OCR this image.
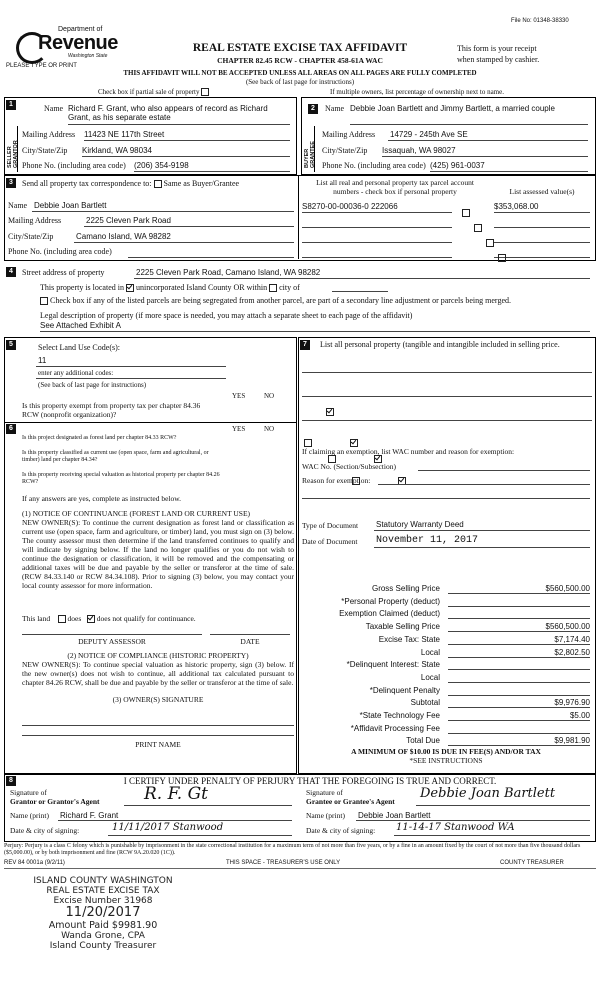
File No: 01348-38330
Department of
Revenue
Washington State
PLEASE TYPE OR PRINT
REAL ESTATE EXCISE TAX AFFIDAVIT
CHAPTER 82.45 RCW - CHAPTER 458-61A WAC
This form is your receipt
when stamped by cashier.
THIS AFFIDAVIT WILL NOT BE ACCEPTED UNLESS ALL AREAS ON ALL PAGES ARE FULLY COMPLETED
(See back of last page for instructions)
Check box if partial sale of property	If multiple owners, list percentage of ownership next to name.
SELLER GRANTOR	BUYER GRANTEE
1
2
Name Richard F. Grant, who also appears of record as Richard Grant, as his separate estate
Mailing Address 11423 NE 117th Street
City/State/Zip Kirkland, WA 98034
Phone No. (including area code) (206) 354-9198
Name Debbie Joan Bartlett and Jimmy Bartlett, a married couple
Mailing Address 14729 - 245th Ave SE
City/State/Zip Issaquah, WA 98027
Phone No. (including area code) (425) 961-0037
3	Send all property tax correspondence to: Same as Buyer/Grantee
Name Debbie Joan Bartlett
Mailing Address	2225 Cleven Park Road
City/State/Zip	Camano Island, WA 98282
Phone No. (including area code)
List all real and personal property tax parcel account
numbers - check box if personal property	List assessed value(s)
S8270-00-00036-0 222066	$353,068.00

4	Street address of property	2225 Cleven Park Road, Camano Island, WA 98282
This property is located in unincorporated Island County OR within city of
Check box if any of the listed parcels are being segregated from another parcel, are part of a secondary line adjustment or parcels being merged.
Legal description of property (if more space is needed, you may attach a separate sheet to each page of the affidavit)
See Attached Exhibit A
5	Select Land Use Code(s):
11
enter any additional codes:
(See back of last page for instructions)
YES	NO
Is this property exempt from property tax per chapter 84.36 RCW (nonprofit organization)?

6	YES	NO
Is this project designated as forest land per chapter 84.33 RCW?

Is this property classified as current use (open space, farm and agricultural, or timber) land per chapter 84.34?

Is this property receiving special valuation as historical property per chapter 84.26 RCW?

If any answers are yes, complete as instructed below.
(1) NOTICE OF CONTINUANCE (FOREST LAND OR CURRENT USE)
NEW OWNER(S): To continue the current designation as forest land or classification as current use (open space, farm and agriculture, or timber) land, you must sign on (3) below. The county assessor must then determine if the land transferred continues to qualify and will indicate by signing below. If the land no longer qualifies or you do not wish to continue the designation or classification, it will be removed and the compensating or additional taxes will be due and payable by the seller or transferor at the time of sale. (RCW 84.33.140 or RCW 84.34.108). Prior to signing (3) below, you may contact your local county assessor for more information.
This land does does not qualify for continuance.
DEPUTY ASSESSOR	DATE
(2) NOTICE OF COMPLIANCE (HISTORIC PROPERTY)
NEW OWNER(S): To continue special valuation as historic property, sign (3) below. If the new owner(s) does not wish to continue, all additional tax calculated pursuant to chapter 84.26 RCW, shall be due and payable by the seller or transferor at the time of sale.
(3) OWNER(S) SIGNATURE
PRINT NAME
7	List all personal property (tangible and intangible included in selling price.
If claiming an exemption, list WAC number and reason for exemption:
WAC No. (Section/Subsection)
Reason for exemption:
Type of Document Statutory Warranty Deed
Date of Document November 11, 2017
Gross Selling Price	$560,500.00
*Personal Property (deduct)
Exemption Claimed (deduct)
Taxable Selling Price	$560,500.00
Excise Tax: State	$7,174.40
Local	$2,802.50
*Delinquent Interest: State
Local
*Delinquent Penalty
Subtotal	$9,976.90
*State Technology Fee	$5.00
*Affidavit Processing Fee
Total Due	$9,981.90
A MINIMUM OF $10.00 IS DUE IN FEE(S) AND/OR TAX
*SEE INSTRUCTIONS
8	I CERTIFY UNDER PENALTY OF PERJURY THAT THE FOREGOING IS TRUE AND CORRECT.
Signature of
Grantor or Grantor's Agent	R. F. Gt
Name (print) Richard F. Grant
Date & city of signing:	11/11/2017 Stanwood
Signature of
Grantee or Grantee's Agent
Debbie Joan Bartlett
Name (print) Debbie Joan Bartlett
Date & city of signing: 11-14-17 Stanwood WA
Perjury: Perjury is a class C felony which is punishable by imprisonment in the state correctional institution for a maximum term of not more than five years, or by a fine in an amount fixed by the court of not more than five thousand dollars ($5,000.00), or by both imprisonment and fine (RCW 9A.20.020 (1C)).
REV 84 0001a (9/2/11)	THIS SPACE - TREASURER'S USE ONLY	COUNTY TREASURER
ISLAND COUNTY WASHINGTON
REAL ESTATE EXCISE TAX
Excise Number 31968
11/20/2017
Amount Paid $9981.90
Wanda Grone, CPA
Island County Treasurer
